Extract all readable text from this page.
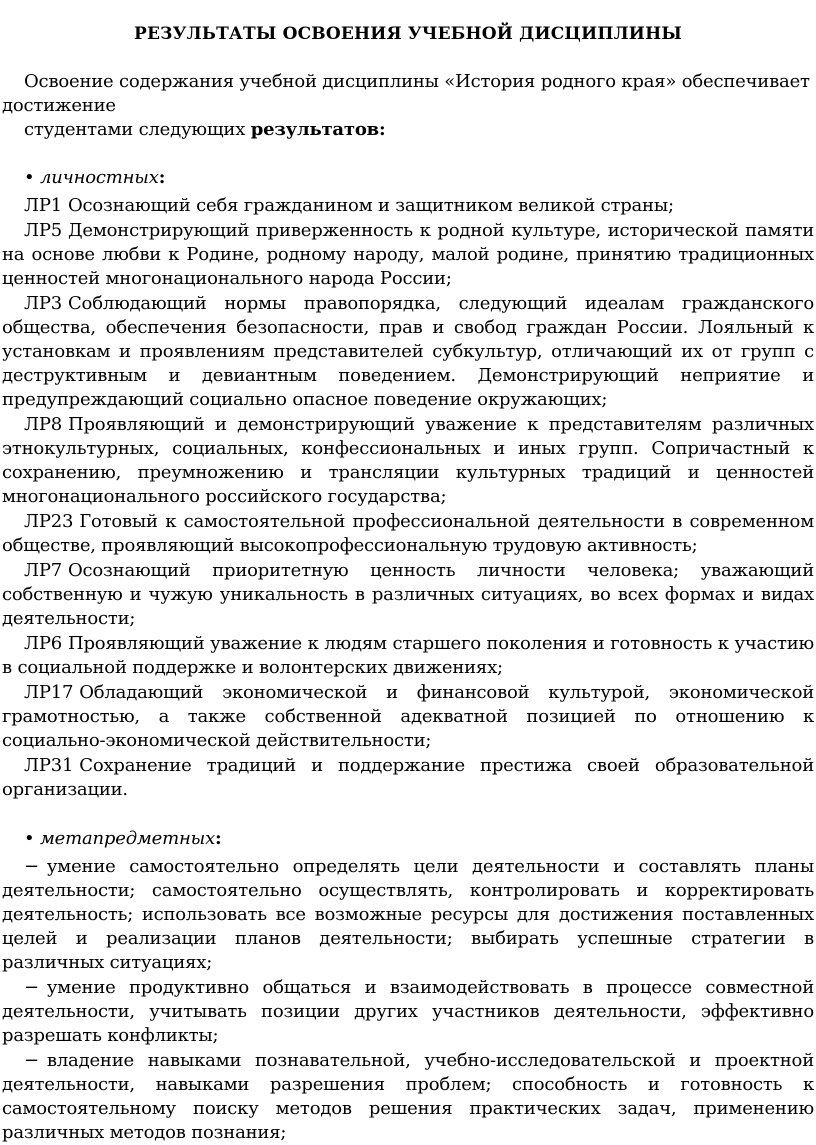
РЕЗУЛЬТАТЫ ОСВОЕНИЯ УЧЕБНОЙ ДИСЦИПЛИНЫ

Освоение содержания учебной дисциплины «История родного края» обеспечивает достижение

студентами следующих результатов:

• личностных:

ЛР1 Осознающий себя гражданином и защитником великой страны;

ЛР5 Демонстрирующий приверженность к родной культуре, исторической памяти на основе любви к Родине, родному народу, малой родине, принятию традиционных ценностей многонационального народа России;

ЛР3 Соблюдающий нормы правопорядка, следующий идеалам гражданского общества, обеспечения безопасности, прав и свобод граждан России. Лояльный к установкам и проявлениям представителей субкультур, отличающий их от групп с деструктивным и девиантным поведением. Демонстрирующий неприятие и предупреждающий социально опасное поведение окружающих;

ЛР8 Проявляющий и демонстрирующий уважение к представителям различных этнокультурных, социальных, конфессиональных и иных групп. Сопричастный к сохранению, преумножению и трансляции культурных традиций и ценностей многонационального российского государства;

ЛР23 Готовый к самостоятельной профессиональной деятельности в современном обществе, проявляющий высокопрофессиональную трудовую активность;

ЛР7 Осознающий приоритетную ценность личности человека; уважающий собственную и чужую уникальность в различных ситуациях, во всех формах и видах деятельности;

ЛР6 Проявляющий уважение к людям старшего поколения и готовность к участию в социальной поддержке и волонтерских движениях;

ЛР17 Обладающий экономической и финансовой культурой, экономической грамотностью, а также собственной адекватной позицией по отношению к социально-экономической действительности;

ЛР31 Сохранение традиций и поддержание престижа своей образовательной организации.

• метапредметных:

− умение самостоятельно определять цели деятельности и составлять планы деятельности; самостоятельно осуществлять, контролировать и корректировать деятельность; использовать все возможные ресурсы для достижения поставленных целей и реализации планов деятельности; выбирать успешные стратегии в различных ситуациях;

− умение продуктивно общаться и взаимодействовать в процессе совместной деятельности, учитывать позиции других участников деятельности, эффективно разрешать конфликты;

− владение навыками познавательной, учебно-исследовательской и проектной деятельности, навыками разрешения проблем; способность и готовность к самостоятельному поиску методов решения практических задач, применению различных методов познания;
